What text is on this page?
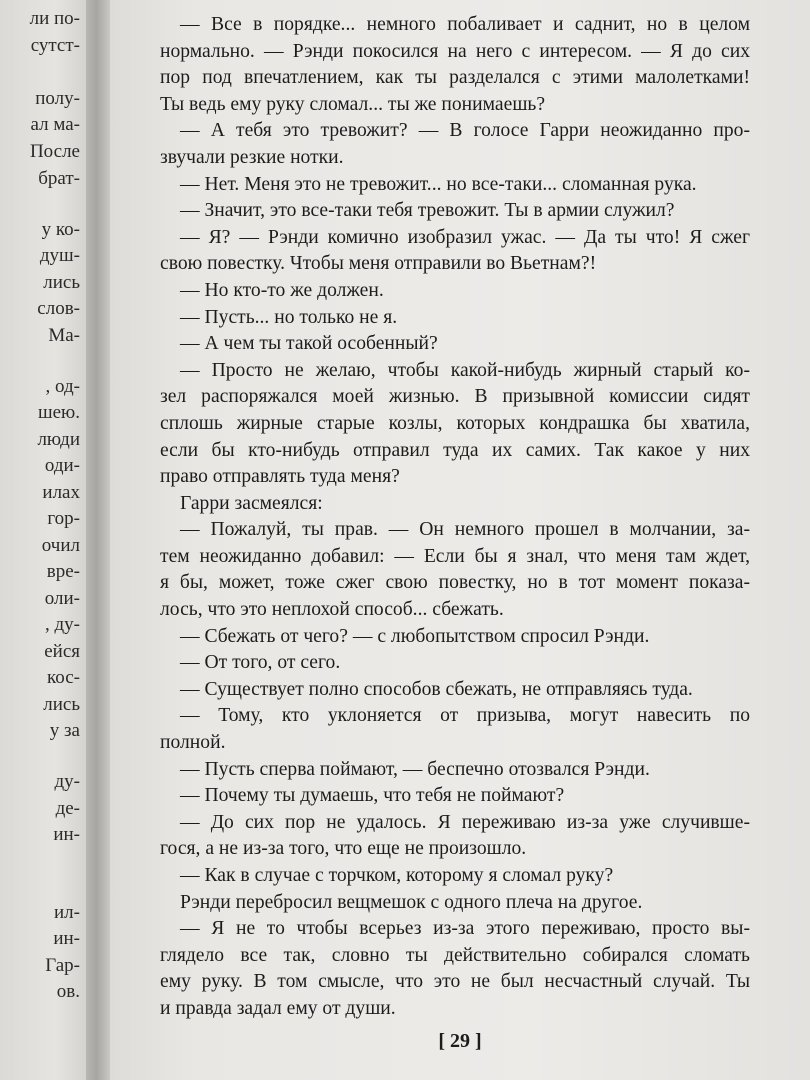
ли по-
сутст-
полу-
ал ма-
После
брат-
у ко-
душ-
лись
слов-
Ма-
, од-
шею.
люди
оди-
илах
гор-
очил
вре-
оли-
, ду-
ейся
кос-
лись
у за
ду-
де-
ин-
ил-
ин-
Гар-
ов.
— Все в порядке... немного побаливает и саднит, но в целом
нормально. — Рэнди покосился на него с интересом. — Я до сих
пор под впечатлением, как ты разделался с этими малолетками!
Ты ведь ему руку сломал... ты же понимаешь?
— А тебя это тревожит? — В голосе Гарри неожиданно про-
звучали резкие нотки.
— Нет. Меня это не тревожит... но все-таки... сломанная рука.
— Значит, это все-таки тебя тревожит. Ты в армии служил?
— Я? — Рэнди комично изобразил ужас. — Да ты что! Я сжег
свою повестку. Чтобы меня отправили во Вьетнам?!
— Но кто-то же должен.
— Пусть... но только не я.
— А чем ты такой особенный?
— Просто не желаю, чтобы какой-нибудь жирный старый ко-
зел распоряжался моей жизнью. В призывной комиссии сидят
сплошь жирные старые козлы, которых кондрашка бы хватила,
если бы кто-нибудь отправил туда их самих. Так какое у них
право отправлять туда меня?
Гарри засмеялся:
— Пожалуй, ты прав. — Он немного прошел в молчании, за-
тем неожиданно добавил: — Если бы я знал, что меня там ждет,
я бы, может, тоже сжег свою повестку, но в тот момент показа-
лось, что это неплохой способ... сбежать.
— Сбежать от чего? — с любопытством спросил Рэнди.
— От того, от сего.
— Существует полно способов сбежать, не отправляясь туда.
— Тому, кто уклоняется от призыва, могут навесить по
полной.
— Пусть сперва поймают, — беспечно отозвался Рэнди.
— Почему ты думаешь, что тебя не поймают?
— До сих пор не удалось. Я переживаю из-за уже случивше-
гося, а не из-за того, что еще не произошло.
— Как в случае с торчком, которому я сломал руку?
Рэнди перебросил вещмешок с одного плеча на другое.
— Я не то чтобы всерьез из-за этого переживаю, просто вы-
глядело все так, словно ты действительно собирался сломать
ему руку. В том смысле, что это не был несчастный случай. Ты
и правда задал ему от души.
[ 29 ]
